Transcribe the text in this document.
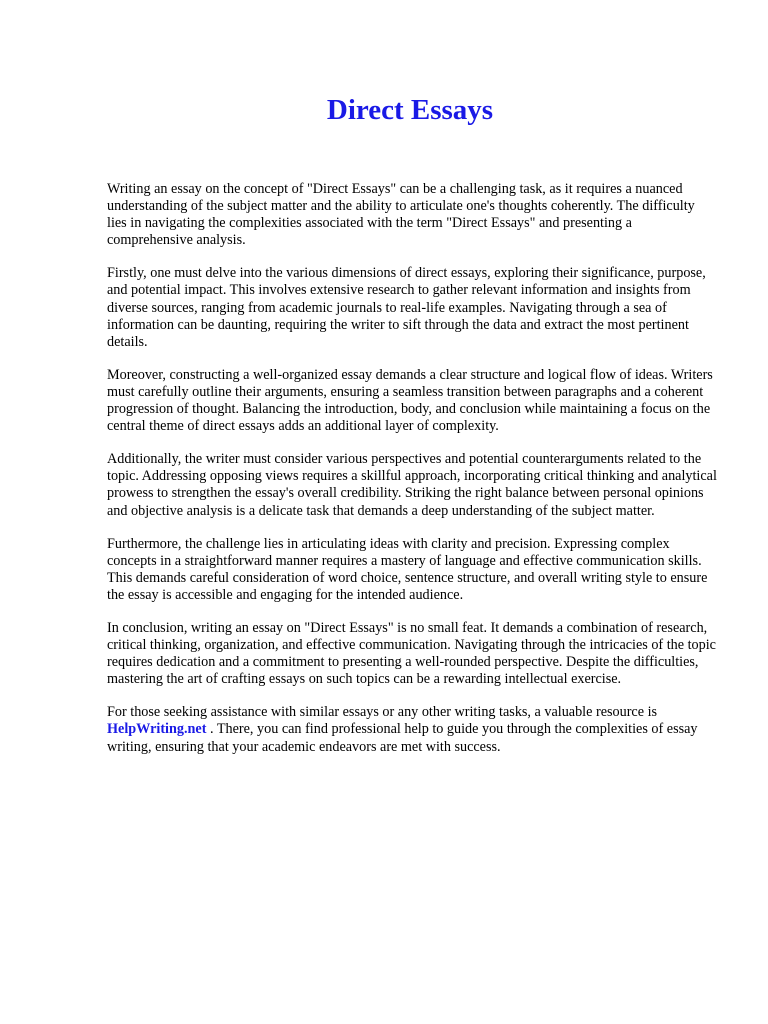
Direct Essays

Writing an essay on the concept of "Direct Essays" can be a challenging task, as it requires a nuanced understanding of the subject matter and the ability to articulate one's thoughts coherently. The difficulty lies in navigating the complexities associated with the term "Direct Essays" and presenting a comprehensive analysis.

Firstly, one must delve into the various dimensions of direct essays, exploring their significance, purpose, and potential impact. This involves extensive research to gather relevant information and insights from diverse sources, ranging from academic journals to real-life examples. Navigating through a sea of information can be daunting, requiring the writer to sift through the data and extract the most pertinent details.

Moreover, constructing a well-organized essay demands a clear structure and logical flow of ideas. Writers must carefully outline their arguments, ensuring a seamless transition between paragraphs and a coherent progression of thought. Balancing the introduction, body, and conclusion while maintaining a focus on the central theme of direct essays adds an additional layer of complexity.

Additionally, the writer must consider various perspectives and potential counterarguments related to the topic. Addressing opposing views requires a skillful approach, incorporating critical thinking and analytical prowess to strengthen the essay's overall credibility. Striking the right balance between personal opinions and objective analysis is a delicate task that demands a deep understanding of the subject matter.

Furthermore, the challenge lies in articulating ideas with clarity and precision. Expressing complex concepts in a straightforward manner requires a mastery of language and effective communication skills. This demands careful consideration of word choice, sentence structure, and overall writing style to ensure the essay is accessible and engaging for the intended audience.

In conclusion, writing an essay on "Direct Essays" is no small feat. It demands a combination of research, critical thinking, organization, and effective communication. Navigating through the intricacies of the topic requires dedication and a commitment to presenting a well-rounded perspective. Despite the difficulties, mastering the art of crafting essays on such topics can be a rewarding intellectual exercise.

For those seeking assistance with similar essays or any other writing tasks, a valuable resource is HelpWriting.net . There, you can find professional help to guide you through the complexities of essay writing, ensuring that your academic endeavors are met with success.
